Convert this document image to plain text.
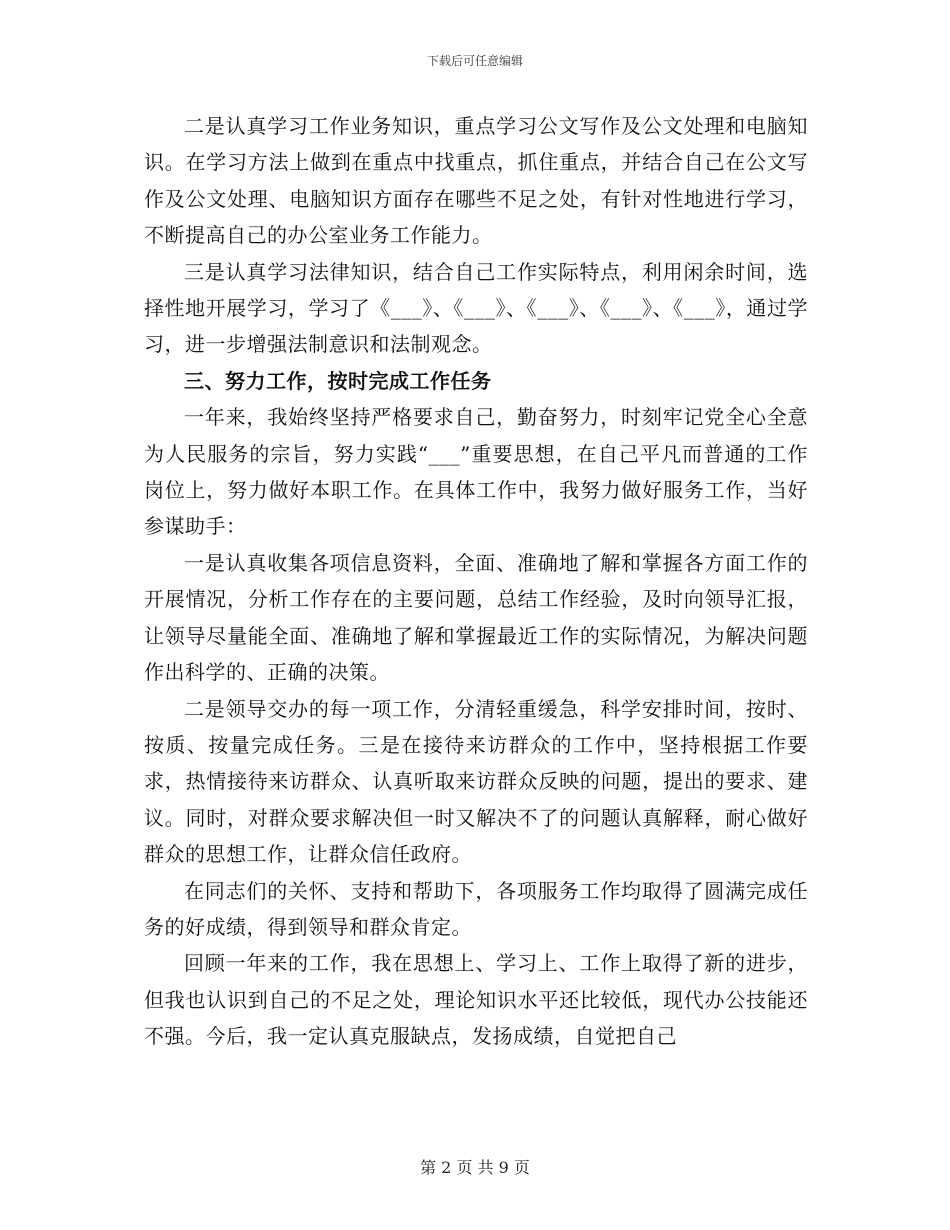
下载后可任意编辑

二是认真学习工作业务知识，重点学习公文写作及公文处理和电脑知识。在学习方法上做到在重点中找重点，抓住重点，并结合自己在公文写作及公文处理、电脑知识方面存在哪些不足之处，有针对性地进行学习，不断提高自己的办公室业务工作能力。

三是认真学习法律知识，结合自己工作实际特点，利用闲余时间，选择性地开展学习，学习了《___》、《___》、《___》、《___》、《___》，通过学习，进一步增强法制意识和法制观念。

三、努力工作，按时完成工作任务

一年来，我始终坚持严格要求自己，勤奋努力，时刻牢记党全心全意为人民服务的宗旨，努力实践“___”重要思想，在自己平凡而普通的工作岗位上，努力做好本职工作。在具体工作中，我努力做好服务工作，当好参谋助手：

一是认真收集各项信息资料，全面、准确地了解和掌握各方面工作的开展情况，分析工作存在的主要问题，总结工作经验，及时向领导汇报，让领导尽量能全面、准确地了解和掌握最近工作的实际情况，为解决问题作出科学的、正确的决策。

二是领导交办的每一项工作，分清轻重缓急，科学安排时间，按时、按质、按量完成任务。三是在接待来访群众的工作中，坚持根据工作要求，热情接待来访群众、认真听取来访群众反映的问题，提出的要求、建议。同时，对群众要求解决但一时又解决不了的问题认真解释，耐心做好群众的思想工作，让群众信任政府。

在同志们的关怀、支持和帮助下，各项服务工作均取得了圆满完成任务的好成绩，得到领导和群众肯定。

回顾一年来的工作，我在思想上、学习上、工作上取得了新的进步，但我也认识到自己的不足之处，理论知识水平还比较低，现代办公技能还不强。今后，我一定认真克服缺点，发扬成绩，自觉把自己

第 2 页 共 9 页
